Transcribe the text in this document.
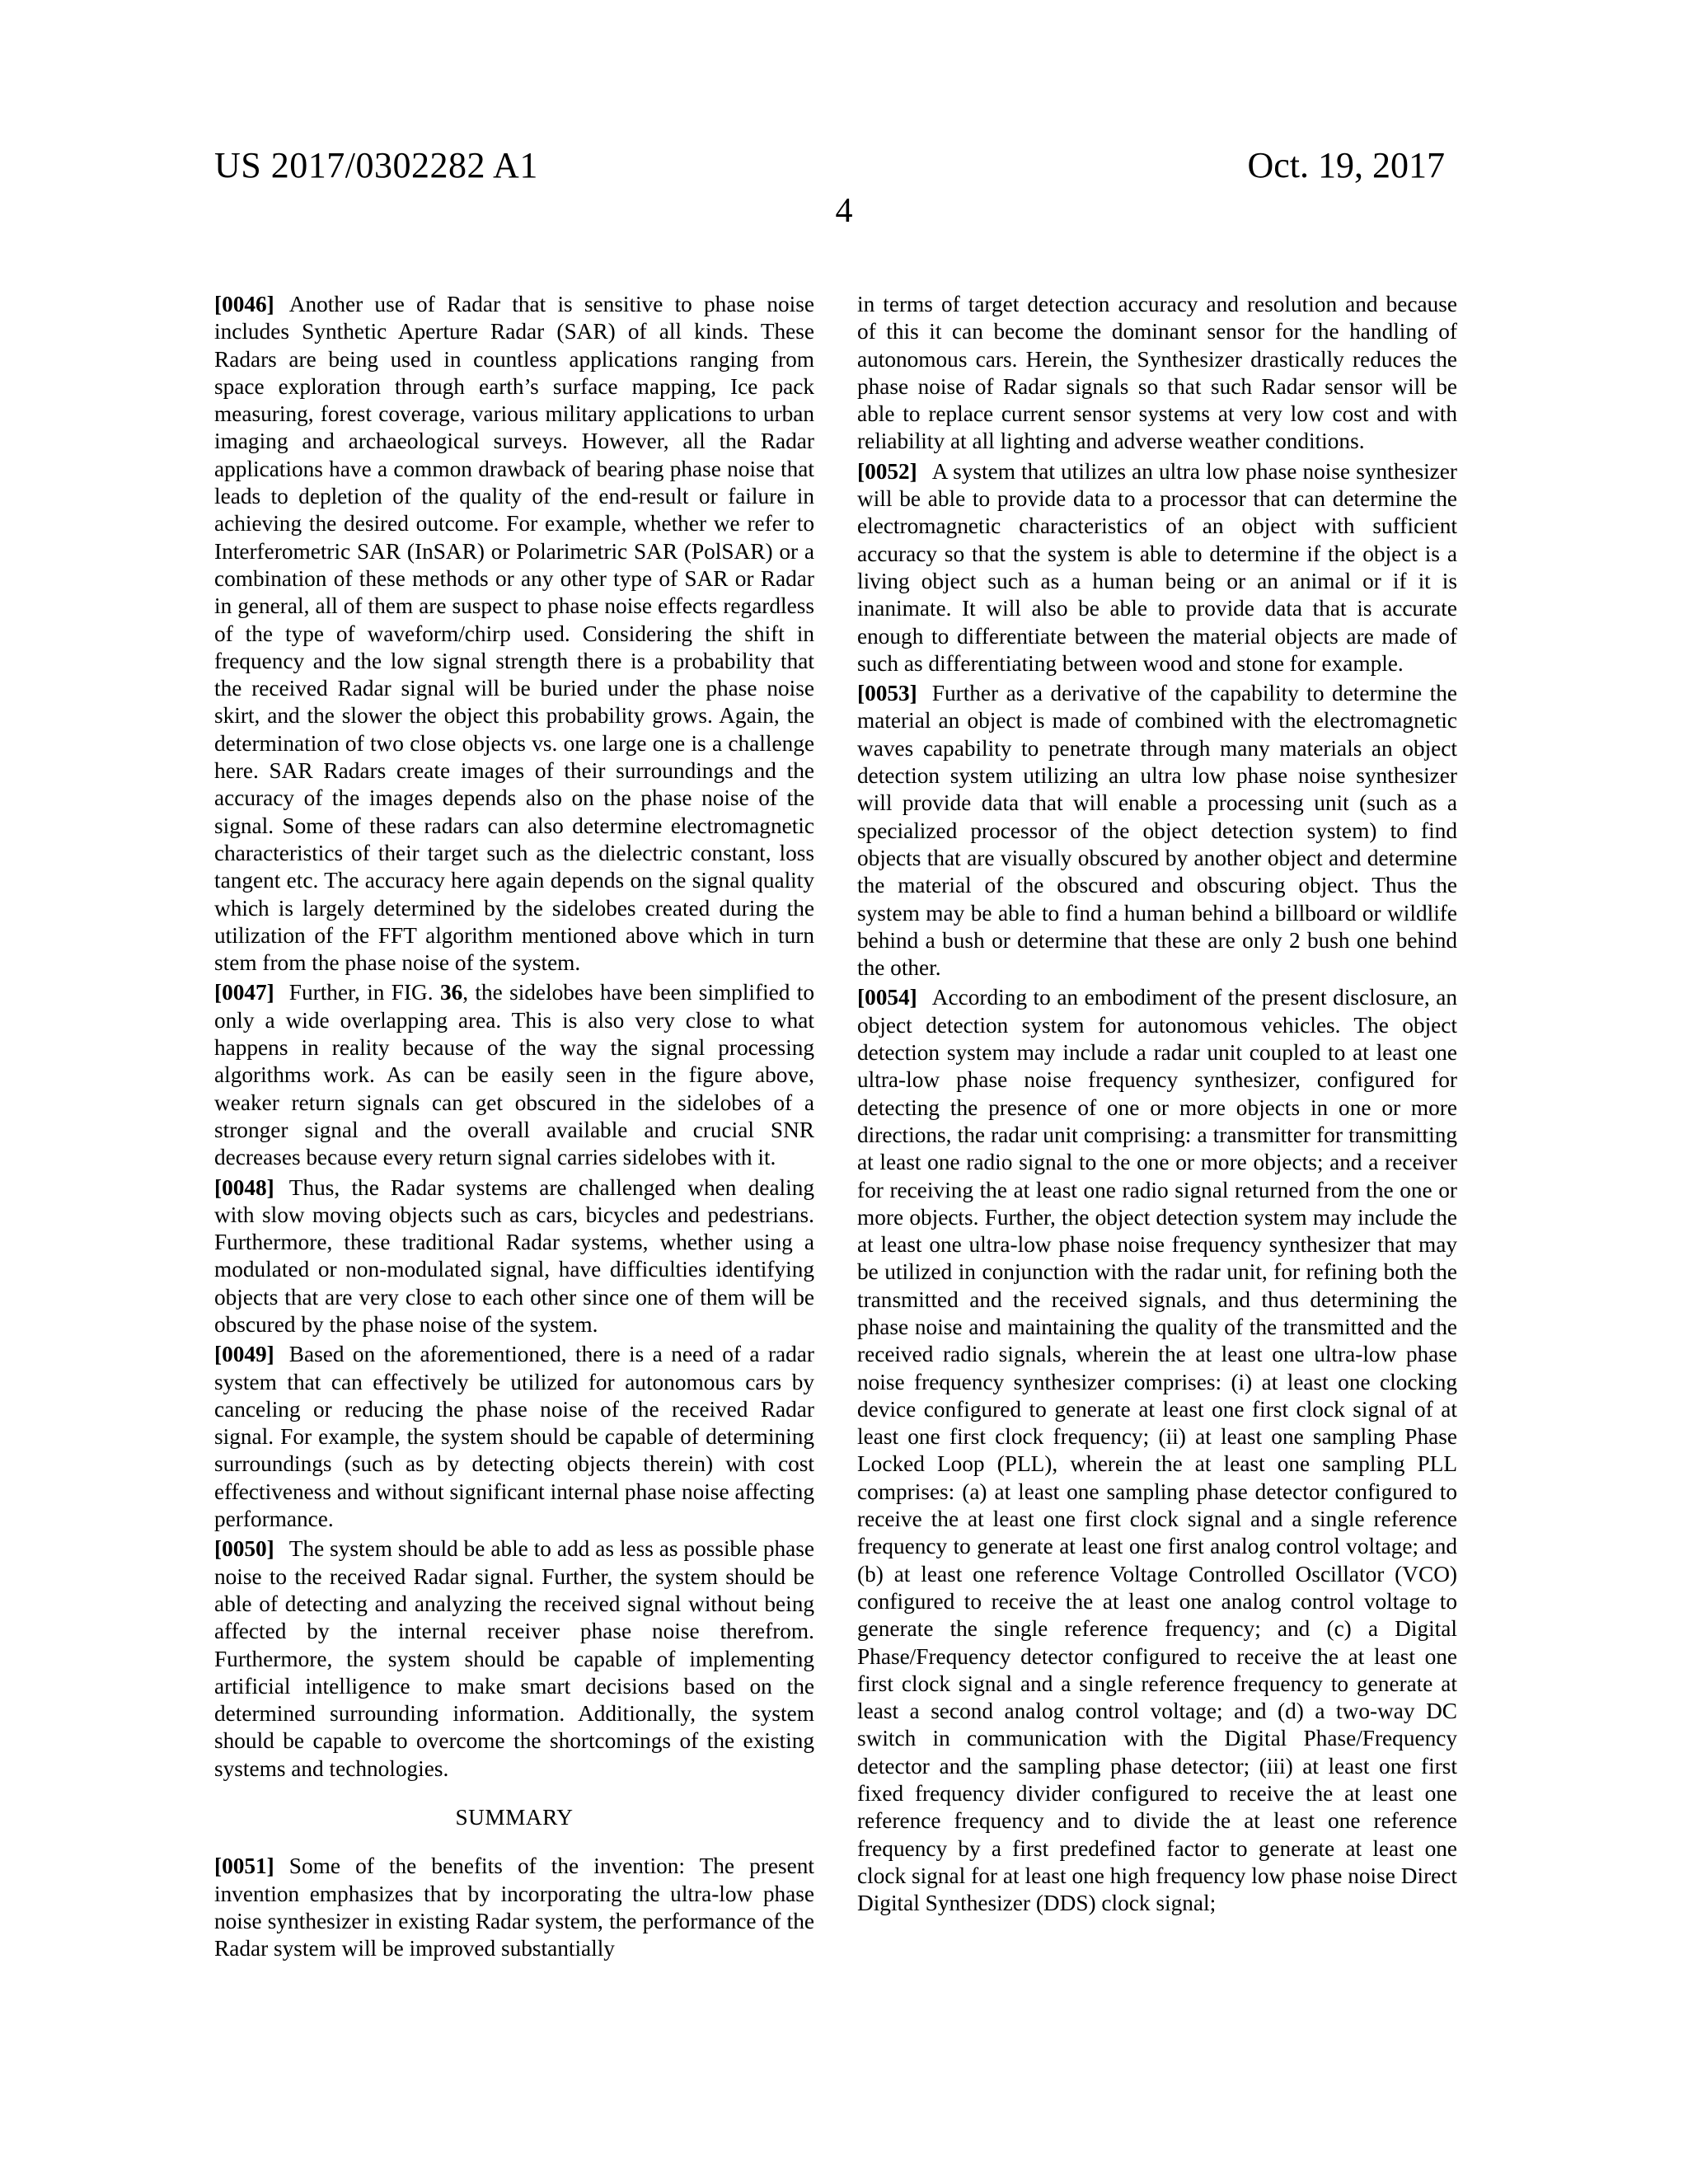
US 2017/0302282 A1	Oct. 19, 2017
4

[0046] Another use of Radar that is sensitive to phase noise includes Synthetic Aperture Radar (SAR) of all kinds. These Radars are being used in countless applications ranging from space exploration through earth’s surface mapping, Ice pack measuring, forest coverage, various military applications to urban imaging and archaeological surveys. However, all the Radar applications have a common drawback of bearing phase noise that leads to depletion of the quality of the end-result or failure in achieving the desired outcome. For example, whether we refer to Interferometric SAR (InSAR) or Polarimetric SAR (PolSAR) or a combination of these methods or any other type of SAR or Radar in general, all of them are suspect to phase noise effects regardless of the type of waveform/chirp used. Considering the shift in frequency and the low signal strength there is a probability that the received Radar signal will be buried under the phase noise skirt, and the slower the object this probability grows. Again, the determination of two close objects vs. one large one is a challenge here. SAR Radars create images of their surroundings and the accuracy of the images depends also on the phase noise of the signal. Some of these radars can also determine electromagnetic characteristics of their target such as the dielectric constant, loss tangent etc. The accuracy here again depends on the signal quality which is largely determined by the sidelobes created during the utilization of the FFT algorithm mentioned above which in turn stem from the phase noise of the system.

[0047] Further, in FIG. 36, the sidelobes have been simplified to only a wide overlapping area. This is also very close to what happens in reality because of the way the signal processing algorithms work. As can be easily seen in the figure above, weaker return signals can get obscured in the sidelobes of a stronger signal and the overall available and crucial SNR decreases because every return signal carries sidelobes with it.

[0048] Thus, the Radar systems are challenged when dealing with slow moving objects such as cars, bicycles and pedestrians. Furthermore, these traditional Radar systems, whether using a modulated or non-modulated signal, have difficulties identifying objects that are very close to each other since one of them will be obscured by the phase noise of the system.

[0049] Based on the aforementioned, there is a need of a radar system that can effectively be utilized for autonomous cars by canceling or reducing the phase noise of the received Radar signal. For example, the system should be capable of determining surroundings (such as by detecting objects therein) with cost effectiveness and without significant internal phase noise affecting performance.

[0050] The system should be able to add as less as possible phase noise to the received Radar signal. Further, the system should be able of detecting and analyzing the received signal without being affected by the internal receiver phase noise therefrom. Furthermore, the system should be capable of implementing artificial intelligence to make smart decisions based on the determined surrounding information. Additionally, the system should be capable to overcome the shortcomings of the existing systems and technologies.

SUMMARY

[0051] Some of the benefits of the invention: The present invention emphasizes that by incorporating the ultra-low phase noise synthesizer in existing Radar system, the performance of the Radar system will be improved substantially

in terms of target detection accuracy and resolution and because of this it can become the dominant sensor for the handling of autonomous cars. Herein, the Synthesizer drastically reduces the phase noise of Radar signals so that such Radar sensor will be able to replace current sensor systems at very low cost and with reliability at all lighting and adverse weather conditions.

[0052] A system that utilizes an ultra low phase noise synthesizer will be able to provide data to a processor that can determine the electromagnetic characteristics of an object with sufficient accuracy so that the system is able to determine if the object is a living object such as a human being or an animal or if it is inanimate. It will also be able to provide data that is accurate enough to differentiate between the material objects are made of such as differentiating between wood and stone for example.

[0053] Further as a derivative of the capability to determine the material an object is made of combined with the electromagnetic waves capability to penetrate through many materials an object detection system utilizing an ultra low phase noise synthesizer will provide data that will enable a processing unit (such as a specialized processor of the object detection system) to find objects that are visually obscured by another object and determine the material of the obscured and obscuring object. Thus the system may be able to find a human behind a billboard or wildlife behind a bush or determine that these are only 2 bush one behind the other.

[0054] According to an embodiment of the present disclosure, an object detection system for autonomous vehicles. The object detection system may include a radar unit coupled to at least one ultra-low phase noise frequency synthesizer, configured for detecting the presence of one or more objects in one or more directions, the radar unit comprising: a transmitter for transmitting at least one radio signal to the one or more objects; and a receiver for receiving the at least one radio signal returned from the one or more objects. Further, the object detection system may include the at least one ultra-low phase noise frequency synthesizer that may be utilized in conjunction with the radar unit, for refining both the transmitted and the received signals, and thus determining the phase noise and maintaining the quality of the transmitted and the received radio signals, wherein the at least one ultra-low phase noise frequency synthesizer comprises: (i) at least one clocking device configured to generate at least one first clock signal of at least one first clock frequency; (ii) at least one sampling Phase Locked Loop (PLL), wherein the at least one sampling PLL comprises: (a) at least one sampling phase detector configured to receive the at least one first clock signal and a single reference frequency to generate at least one first analog control voltage; and (b) at least one reference Voltage Controlled Oscillator (VCO) configured to receive the at least one analog control voltage to generate the single reference frequency; and (c) a Digital Phase/Frequency detector configured to receive the at least one first clock signal and a single reference frequency to generate at least a second analog control voltage; and (d) a two-way DC switch in communication with the Digital Phase/Frequency detector and the sampling phase detector; (iii) at least one first fixed frequency divider configured to receive the at least one reference frequency and to divide the at least one reference frequency by a first predefined factor to generate at least one clock signal for at least one high frequency low phase noise Direct Digital Synthesizer (DDS) clock signal;
